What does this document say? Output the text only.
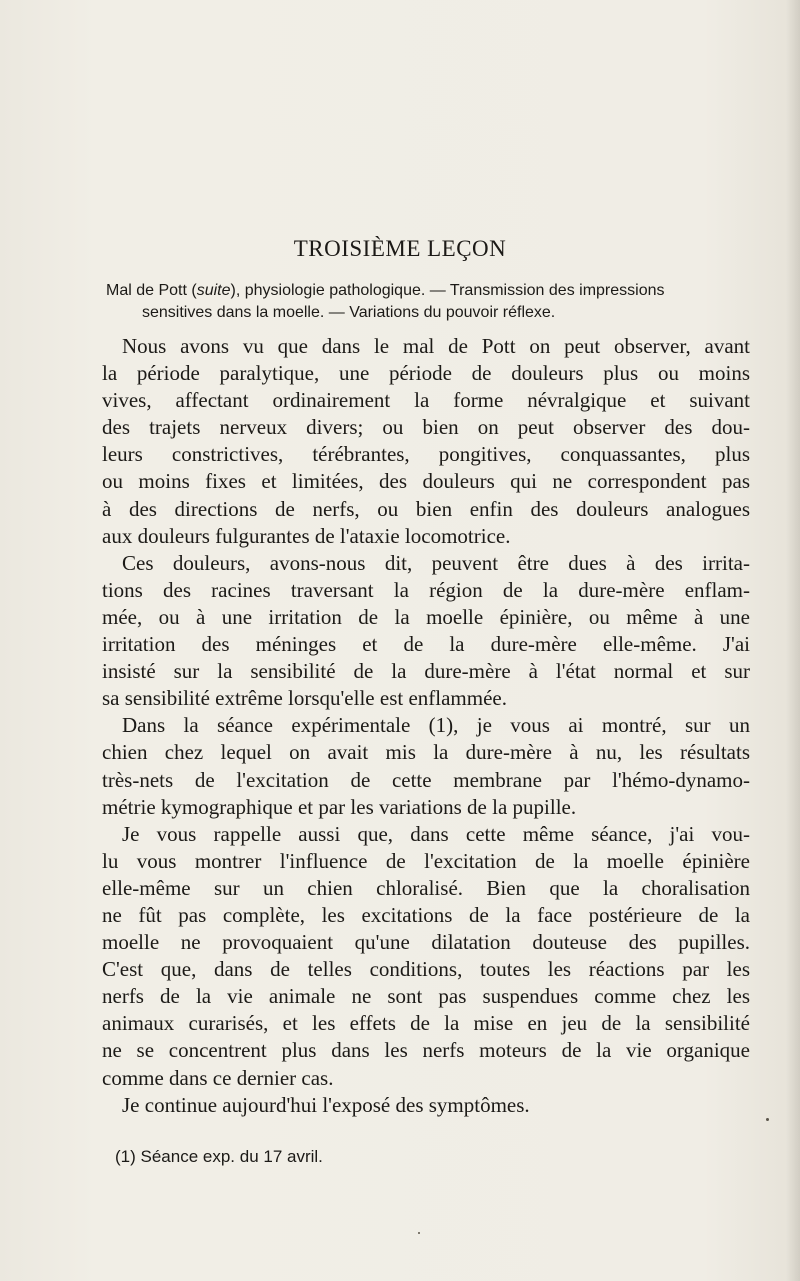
TROISIÈME LEÇON

Mal de Pott (suite), physiologie pathologique. — Transmission des impressions
sensitives dans la moelle. — Variations du pouvoir réflexe.

Nous avons vu que dans le mal de Pott on peut observer, avant
la période paralytique, une période de douleurs plus ou moins
vives, affectant ordinairement la forme névralgique et suivant
des trajets nerveux divers; ou bien on peut observer des dou-
leurs constrictives, térébrantes, pongitives, conquassantes, plus
ou moins fixes et limitées, des douleurs qui ne correspondent pas
à des directions de nerfs, ou bien enfin des douleurs analogues
aux douleurs fulgurantes de l'ataxie locomotrice.
Ces douleurs, avons-nous dit, peuvent être dues à des irrita-
tions des racines traversant la région de la dure-mère enflam-
mée, ou à une irritation de la moelle épinière, ou même à une
irritation des méninges et de la dure-mère elle-même. J'ai
insisté sur la sensibilité de la dure-mère à l'état normal et sur
sa sensibilité extrême lorsqu'elle est enflammée.
Dans la séance expérimentale (1), je vous ai montré, sur un
chien chez lequel on avait mis la dure-mère à nu, les résultats
très-nets de l'excitation de cette membrane par l'hémo-dynamo-
métrie kymographique et par les variations de la pupille.
Je vous rappelle aussi que, dans cette même séance, j'ai vou-
lu vous montrer l'influence de l'excitation de la moelle épinière
elle-même sur un chien chloralisé. Bien que la choralisation
ne fût pas complète, les excitations de la face postérieure de la
moelle ne provoquaient qu'une dilatation douteuse des pupilles.
C'est que, dans de telles conditions, toutes les réactions par les
nerfs de la vie animale ne sont pas suspendues comme chez les
animaux curarisés, et les effets de la mise en jeu de la sensibilité
ne se concentrent plus dans les nerfs moteurs de la vie organique
comme dans ce dernier cas.
Je continue aujourd'hui l'exposé des symptômes.

(1) Séance exp. du 17 avril.
